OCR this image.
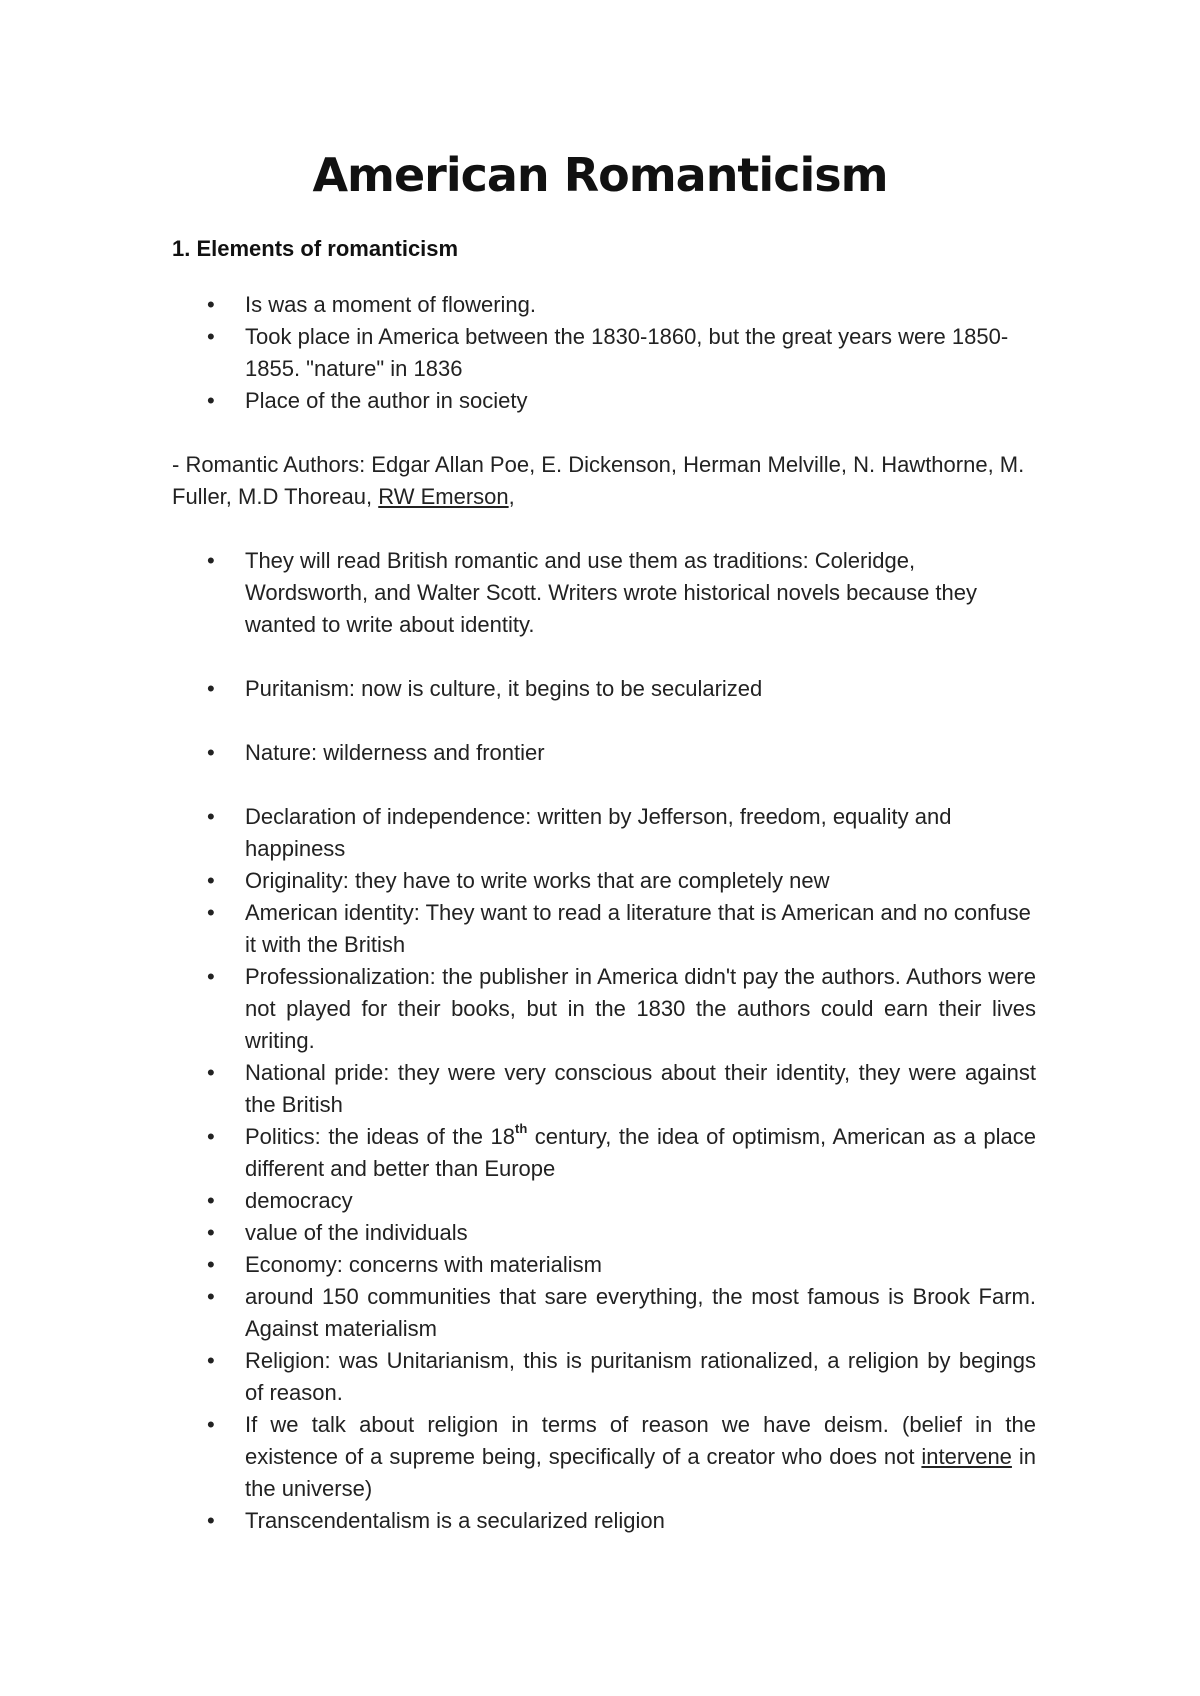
American Romanticism
1. Elements of romanticism
• Is was a moment of flowering.
• Took place in America between the 1830-1860, but the great years were 1850-1855. "nature" in 1836
• Place of the author in society

- Romantic Authors: Edgar Allan Poe, E. Dickenson, Herman Melville, N. Hawthorne, M. Fuller, M.D Thoreau, RW Emerson,

• They will read British romantic and use them as traditions: Coleridge, Wordsworth, and Walter Scott. Writers wrote historical novels because they wanted to write about identity.
• Puritanism: now is culture, it begins to be secularized
• Nature: wilderness and frontier
• Declaration of independence: written by Jefferson, freedom, equality and happiness
• Originality: they have to write works that are completely new
• American identity: They want to read a literature that is American and no confuse it with the British
• Professionalization: the publisher in America didn't pay the authors. Authors were not played for their books, but in the 1830 the authors could earn their lives writing.
• National pride: they were very conscious about their identity, they were against the British
• Politics: the ideas of the 18th century, the idea of optimism, American as a place different and better than Europe
• democracy
• value of the individuals
• Economy: concerns with materialism
• around 150 communities that sare everything, the most famous is Brook Farm. Against materialism
• Religion: was Unitarianism, this is puritanism rationalized, a religion by begings of reason.
• If we talk about religion in terms of reason we have deism. (belief in the existence of a supreme being, specifically of a creator who does not intervene in the universe)
• Transcendentalism is a secularized religion
